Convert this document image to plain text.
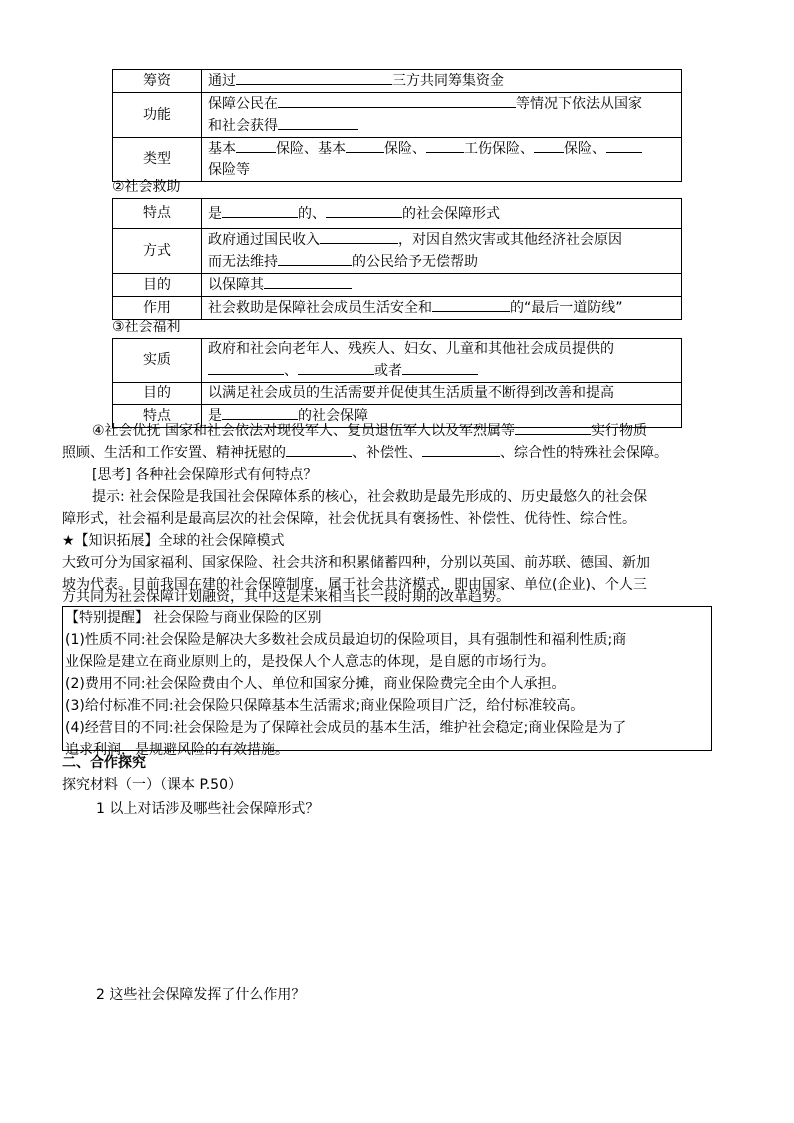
筹资	通过 三方共同筹集资金
功能	保障公民在 等情况下依法从国家
和社会获得
类型	基本 保险、基本 保险、 工伤保险、 保险、
保险等
②社会救助
特点	是 的、 的社会保障形式
方式	政府通过国民收入 ，对因自然灾害或其他经济社会原因
而无法维持 的公民给予无偿帮助
目的	以保障其
作用	社会救助是保障社会成员生活安全和 的“最后一道防线”
③社会福利
实质	政府和社会向老年人、残疾人、妇女、儿童和其他社会成员提供的
、 或者
目的	以满足社会成员的生活需要并促使其生活质量不断得到改善和提高
特点	是 的社会保障
④社会优抚 国家和社会依法对现役军人、复员退伍军人以及军烈属等	实行物质
照顾、生活和工作安置、精神抚慰的	、补偿性、	、综合性的特殊社会保障。
[思考] 各种社会保障形式有何特点？
提示: 社会保险是我国社会保障体系的核心，社会救助是最先形成的、历史最悠久的社会保
障形式，社会福利是最高层次的社会保障，社会优抚具有褒扬性、补偿性、优待性、综合性。
★【知识拓展】全球的社会保障模式
大致可分为国家福利、国家保险、社会共济和积累储蓄四种，分别以英国、前苏联、德国、新加
坡为代表。目前我国在建的社会保障制度，属于社会共济模式，即由国家、单位(企业)、个人三
方共同为社会保障计划融资，其中这是未来相当长一段时期的改革趋势。
【特别提醒】 社会保险与商业保险的区别
(1)性质不同:社会保险是解决大多数社会成员最迫切的保险项目，具有强制性和福利性质;商
业保险是建立在商业原则上的，是投保人个人意志的体现，是自愿的市场行为。
(2)费用不同:社会保险费由个人、单位和国家分摊，商业保险费完全由个人承担。
(3)给付标准不同:社会保险只保障基本生活需求;商业保险项目广泛，给付标准较高。
(4)经营目的不同:社会保险是为了保障社会成员的基本生活，维护社会稳定;商业保险是为了
追求利润，是规避风险的有效措施。
二、合作探究
探究材料（一）（课本 P.50）
1 以上对话涉及哪些社会保障形式？
2 这些社会保障发挥了什么作用？
